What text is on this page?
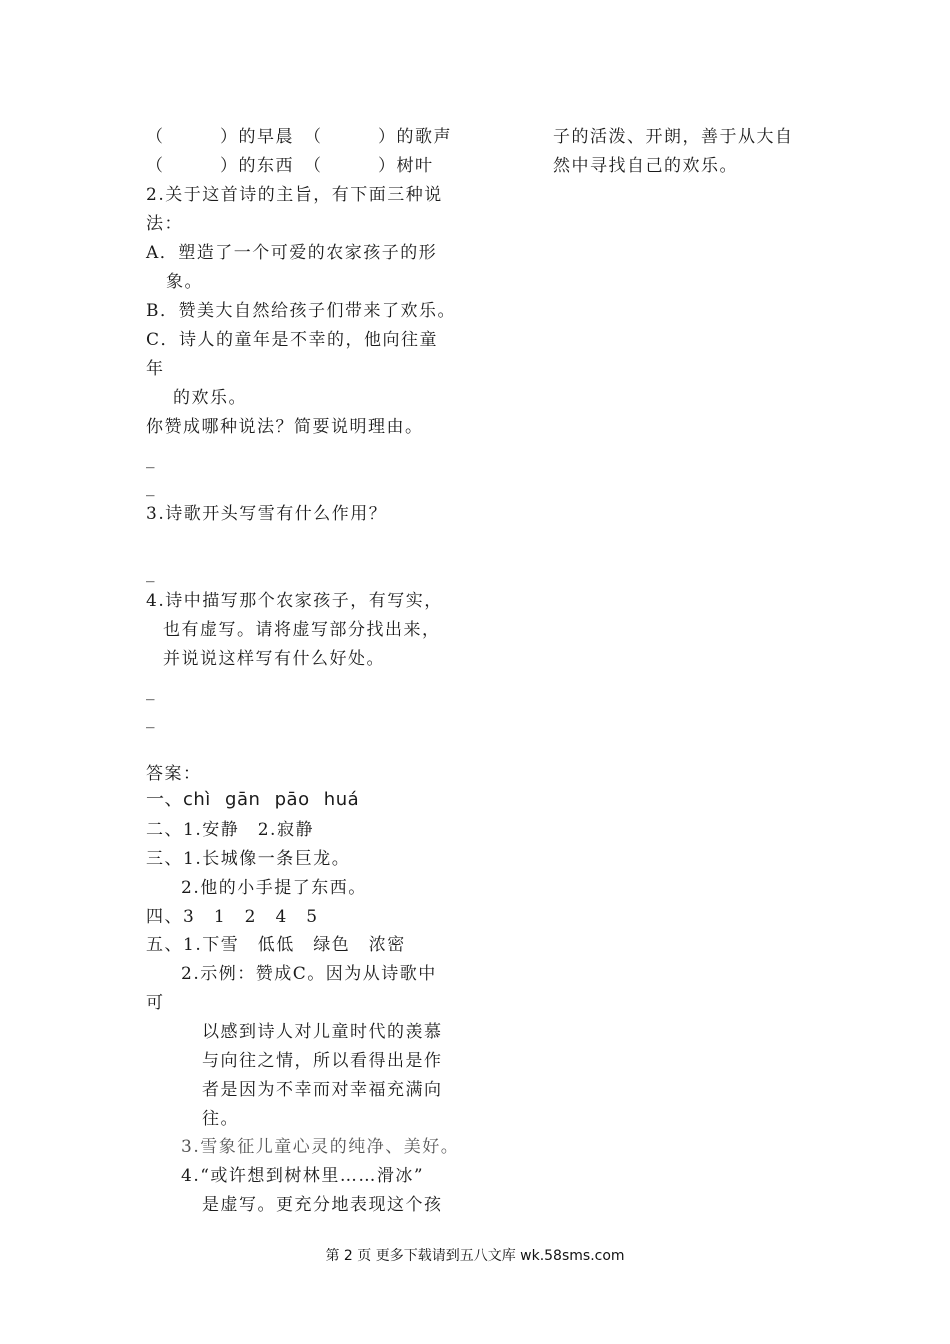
（　　　）的早晨　（　　　）的歌声
（　　　）的东西　（　　　）树叶
2.关于这首诗的主旨，有下面三种说
法：
A．塑造了一个可爱的农家孩子的形
象。
B．赞美大自然给孩子们带来了欢乐。
C．诗人的童年是不幸的，他向往童
年
的欢乐。
你赞成哪种说法？简要说明理由。
_
_
3.诗歌开头写雪有什么作用？
_
4.诗中描写那个农家孩子，有写实，
也有虚写。请将虚写部分找出来，
并说说这样写有什么好处。
_
_
答案：
一、chì gān pāo huá
二、1.安静　2.寂静
三、1.长城像一条巨龙。
2.他的小手提了东西。
四、3　1　2　4　5
五、1.下雪　低低　绿色　浓密
2.示例：赞成C。因为从诗歌中
可
以感到诗人对儿童时代的羡慕
与向往之情，所以看得出是作
者是因为不幸而对幸福充满向
往。
3.雪象征儿童心灵的纯净、美好。
4.“或许想到树林里……滑冰”
是虚写。更充分地表现这个孩
子的活泼、开朗，善于从大自
然中寻找自己的欢乐。
第 2 页 更多下载请到五八文库 wk.58sms.com
